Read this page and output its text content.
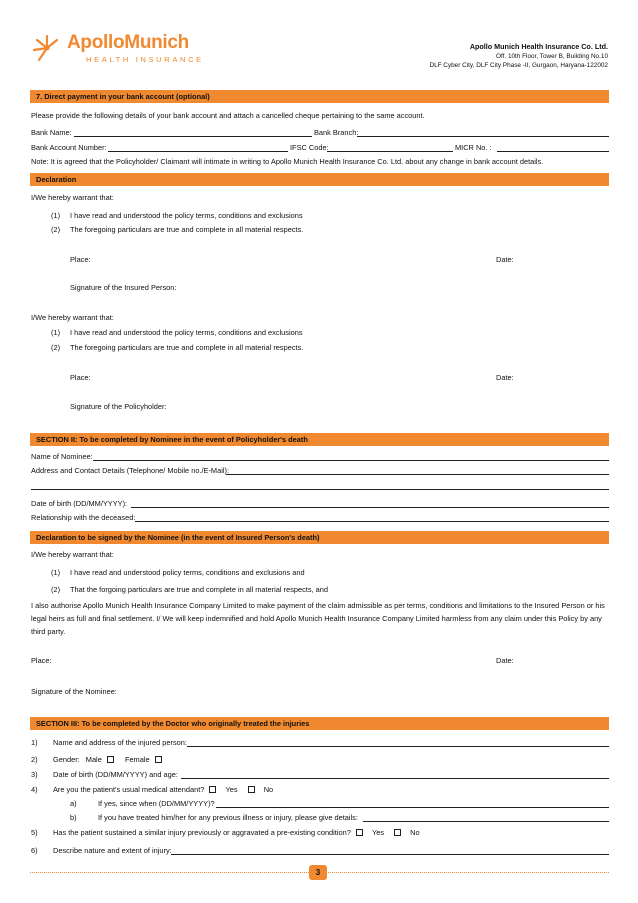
ApolloMunich
HEALTH INSURANCE
Apollo Munich Health Insurance Co. Ltd.
Off. 10th Floor, Tower B, Building No.10
DLF Cyber City, DLF City Phase -II, Gurgaon, Haryana-122002
7. Direct payment in your bank account (optional)
Please provide the following details of your bank account and attach a cancelled cheque pertaining to the same account.
Bank Name:	Bank Branch:
Bank Account Number:	IFSC Code:	MICR No. :
Note: It is agreed that the Policyholder/ Claimant will intimate in writing to Apollo Munich Health Insurance Co. Ltd. about any change in bank account details.
Declaration
I/We hereby warrant that:
(1) I have read and understood the policy terms, conditions and exclusions
(2) The foregoing particulars are true and complete in all material respects.
Place:	Date:
Signature of the Insured Person:
I/We hereby warrant that:
(1) I have read and understood the policy terms, conditions and exclusions
(2) The foregoing particulars are true and complete in all material respects.
Place:	Date:
Signature of the Policyholder:
SECTION II: To be completed by Nominee in the event of Policyholder's death
Name of Nominee:
Address and Contact Details (Telephone/ Mobile no./E-Mail):
Date of birth (DD/MM/YYYY):
Relationship with the deceased:
Declaration to be signed by the Nominee (in the event of Insured Person's death)
I/We hereby warrant that:
(1) I have read and understood policy terms, conditions and exclusions and
(2) That the forgoing particulars are true and complete in all material respects, and
I also authorise Apollo Munich Health Insurance Company Limited to make payment of the claim admissible as per terms, conditions and limitations to the Insured Person or his
legal heirs as full and final settlement. I/ We will keep indemnified and hold Apollo Munich Health Insurance Company Limited harmless from any claim under this Policy by any
third party.
Place:	Date:
Signature of the Nominee:
SECTION III: To be completed by the Doctor who originally treated the injuries
1) Name and address of the injured person:
2) Gender: Male	Female
3) Date of birth (DD/MM/YYYY) and age:
4) Are you the patient's usual medical attendant?	Yes	No
a)	If yes, since when (DD/MM/YYYY)?
b)	If you have treated him/her for any previous illness or injury, please give details:
5) Has the patient sustained a similar injury previously or aggravated a pre-existing condition?	Yes	No
6) Describe nature and extent of injury:
3
